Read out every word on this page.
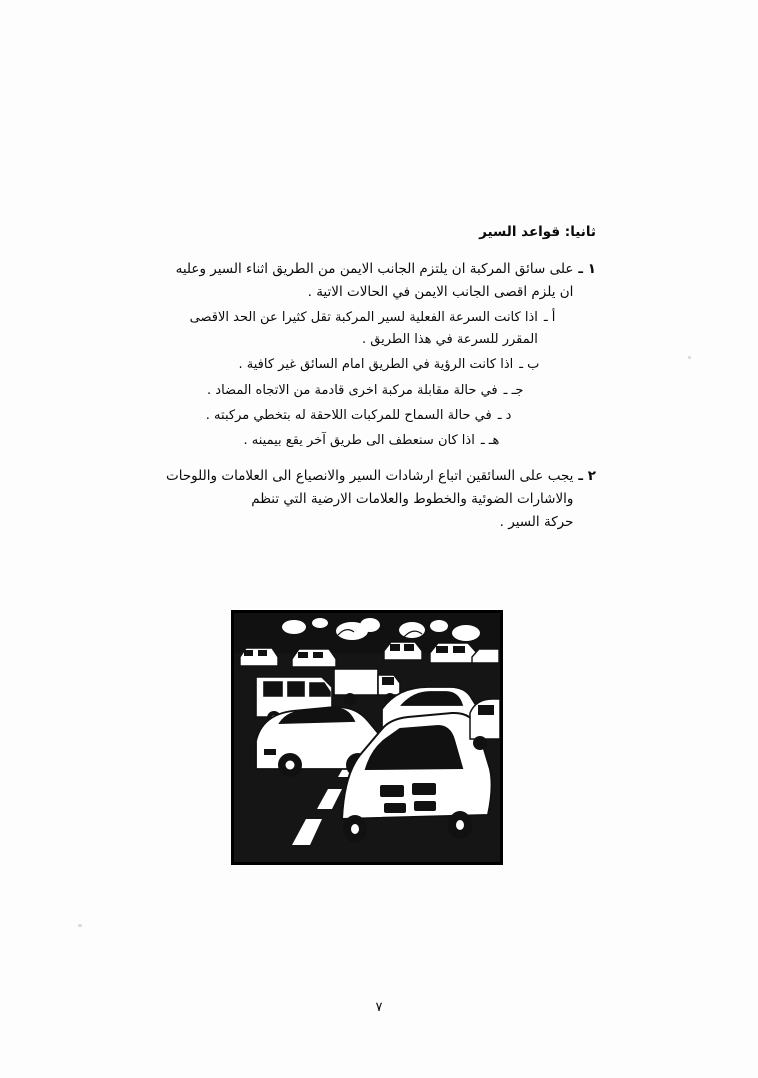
ثانيا: قواعد السير
١ ـ
على سائق المركبة ان يلتزم الجانب الايمن من الطريق اثناء السير وعليه
ان يلزم اقصى الجانب الايمن في الحالات الاتية .
أ ـ
اذا كانت السرعة الفعلية لسير المركبة تقل كثيرا عن الحد الاقصى
المقرر للسرعة في هذا الطريق .
ب ـ
اذا كانت الرؤية في الطريق امام السائق غير كافية .
جـ ـ
في حالة مقابلة مركبة اخرى قادمة من الاتجاه المضاد .
د ـ
في حالة السماح للمركبات اللاحقة له بتخطي مركبته .
هـ ـ
اذا كان سنعطف الى طريق آخر يقع بيمينه .
٢ ـ
يجب على السائقين اتباع ارشادات السير والانصياع الى العلامات واللوحات والاشارات الضوئية والخطوط والعلامات الارضية التي تنظم
حركة السير .
٧
